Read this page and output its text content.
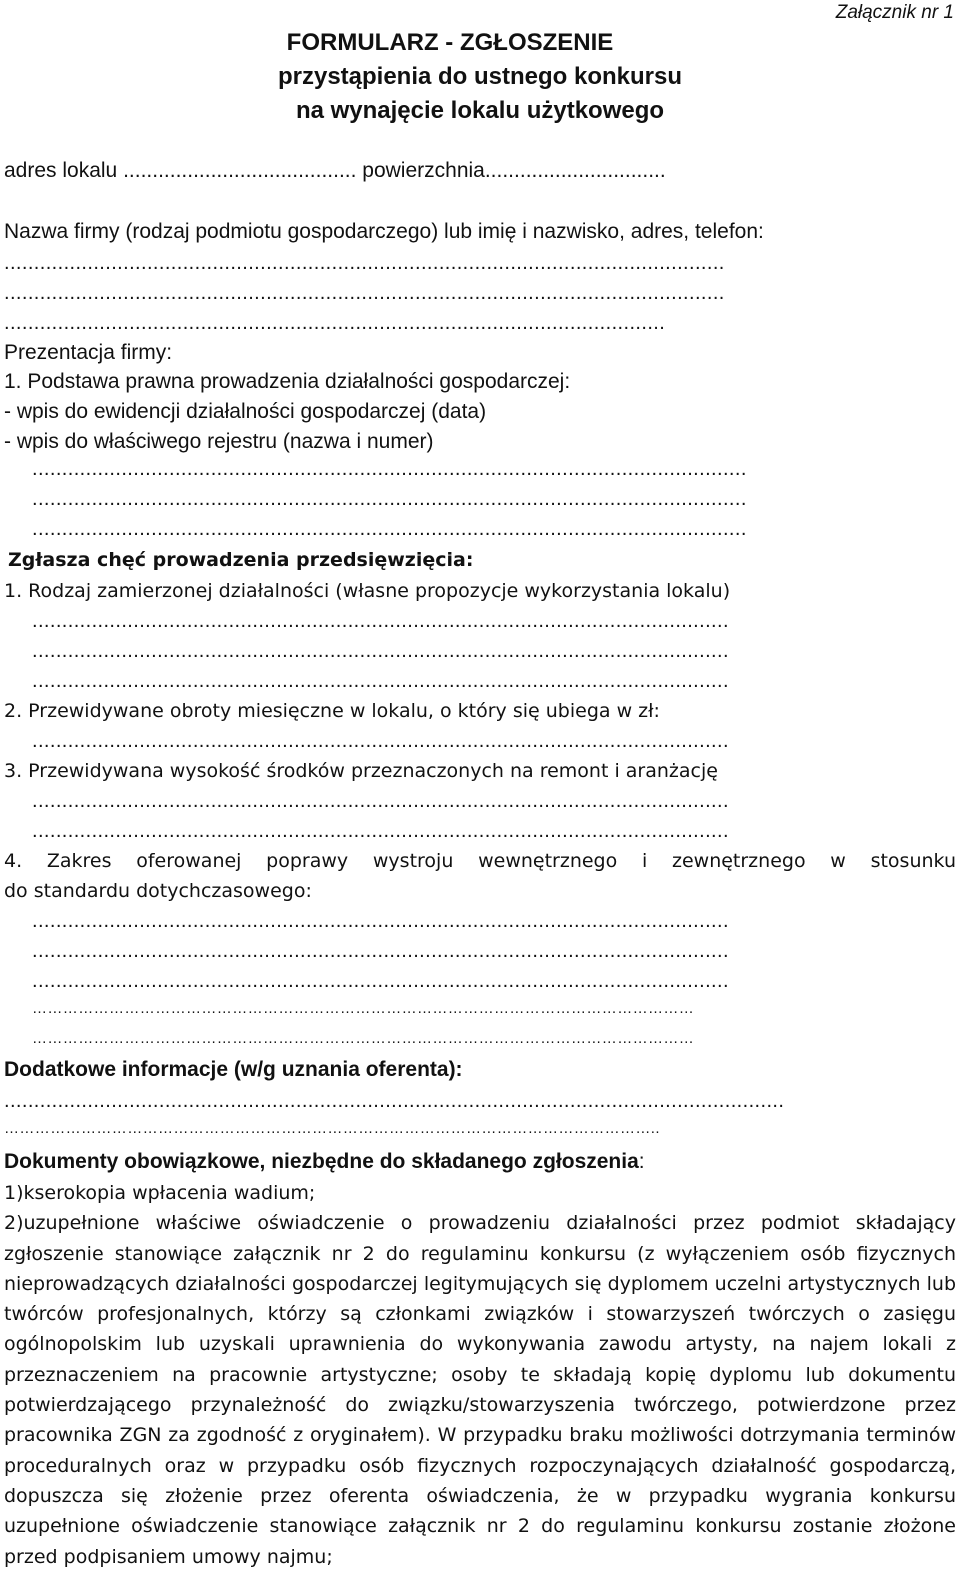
Załącznik nr 1
FORMULARZ - ZGŁOSZENIE
przystąpienia do ustnego konkursu
na wynajęcie lokalu użytkowego
adres lokalu ........................................ powierzchnia...............................
Nazwa firmy (rodzaj podmiotu gospodarczego) lub imię i nazwisko, adres, telefon:
.........................................................................................................................
.........................................................................................................................
...............................................................................................................
Prezentacja firmy:
1. Podstawa prawna prowadzenia działalności gospodarczej:
- wpis do ewidencji działalności gospodarczej (data)
- wpis do właściwego rejestru (nazwa i numer)
........................................................................................................................
........................................................................................................................
........................................................................................................................
Zgłasza chęć prowadzenia przedsięwzięcia:
1. Rodzaj zamierzonej działalności (własne propozycje wykorzystania lokalu)
.....................................................................................................................
.....................................................................................................................
.....................................................................................................................
2. Przewidywane obroty miesięczne w lokalu, o który się ubiega w zł:
.....................................................................................................................
3. Przewidywana wysokość środków przeznaczonych na remont i aranżację
.....................................................................................................................
.....................................................................................................................
4. Zakres oferowanej poprawy wystroju wewnętrznego i zewnętrznego w stosunku
do standardu dotychczasowego:
.....................................................................................................................
.....................................................................................................................
.....................................................................................................................
…………………………………………………………………………………………………………………
…………………………………………………………………………………………………………………
Dodatkowe informacje (w/g uznania oferenta):
...................................................................................................................................
………………………………………………………………………………………………………………..
Dokumenty obowiązkowe, niezbędne do składanego zgłoszenia:

1)kserokopia wpłacenia wadium;

2)uzupełnione właściwe oświadczenie o prowadzeniu działalności przez podmiot składający zgłoszenie stanowiące załącznik nr 2 do regulaminu konkursu (z wyłączeniem osób fizycznych nieprowadzących działalności gospodarczej legitymujących się dyplomem uczelni artystycznych lub twórców profesjonalnych, którzy są członkami związków i stowarzyszeń twórczych o zasięgu ogólnopolskim lub uzyskali uprawnienia do wykonywania zawodu artysty, na najem lokali z przeznaczeniem na pracownie artystyczne; osoby te składają kopię dyplomu lub dokumentu potwierdzającego przynależność do związku/stowarzyszenia twórczego, potwierdzone przez pracownika ZGN za zgodność z oryginałem). W przypadku braku możliwości dotrzymania terminów proceduralnych oraz w przypadku osób fizycznych rozpoczynających działalność gospodarczą, dopuszcza się złożenie przez oferenta oświadczenia, że w przypadku wygrania konkursu uzupełnione oświadczenie stanowiące załącznik nr 2 do regulaminu konkursu zostanie złożone przed podpisaniem umowy najmu;
